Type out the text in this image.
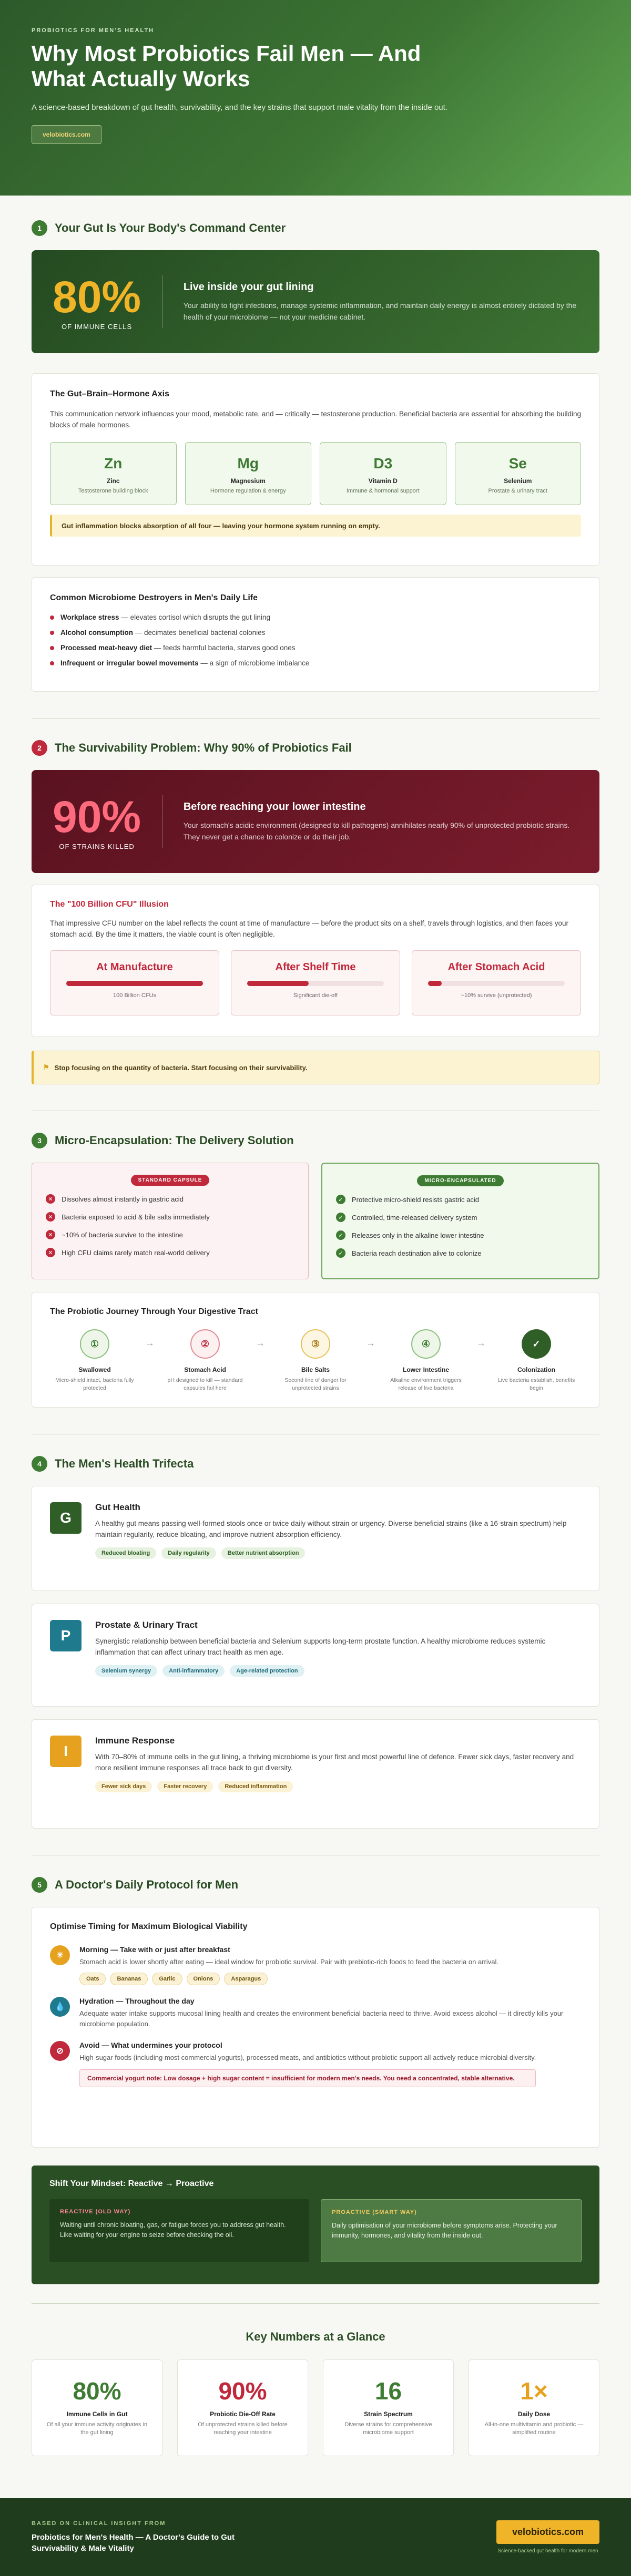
PROBIOTICS FOR MEN'S HEALTH
Why Most Probiotics Fail Men — And What Actually Works
A science-based breakdown of gut health, survivability, and the key strains that support male vitality from the inside out.
velobiotics.com
1	Your Gut Is Your Body's Command Center
80%
OF IMMUNE CELLS
Live inside your gut lining

Your ability to fight infections, manage systemic inflammation, and maintain daily energy is almost entirely dictated by the health of your microbiome — not your medicine cabinet.

The Gut–Brain–Hormone Axis

This communication network influences your mood, metabolic rate, and — critically — testosterone production. Beneficial bacteria are essential for absorbing the building blocks of male hormones.

Zn
Zinc
Testosterone building block
Mg
Magnesium
Hormone regulation & energy
D3
Vitamin D
Immune & hormonal support
Se
Selenium
Prostate & urinary tract
Gut inflammation blocks absorption of all four — leaving your hormone system running on empty.
Common Microbiome Destroyers in Men's Daily Life
Workplace stress — elevates cortisol which disrupts the gut lining
Alcohol consumption — decimates beneficial bacterial colonies
Processed meat-heavy diet — feeds harmful bacteria, starves good ones
Infrequent or irregular bowel movements — a sign of microbiome imbalance
2	The Survivability Problem: Why 90% of Probiotics Fail
90%
OF STRAINS KILLED
Before reaching your lower intestine

Your stomach's acidic environment (designed to kill pathogens) annihilates nearly 90% of unprotected probiotic strains. They never get a chance to colonize or do their job.

The "100 Billion CFU" Illusion

That impressive CFU number on the label reflects the count at time of manufacture — before the product sits on a shelf, travels through logistics, and then faces your stomach acid. By the time it matters, the viable count is often negligible.

At Manufacture
100 Billion CFUs
After Shelf Time
Significant die-off
After Stomach Acid
~10% survive (unprotected)
⚑ Stop focusing on the quantity of bacteria. Start focusing on their survivability.
3	Micro-Encapsulation: The Delivery Solution
STANDARD CAPSULE
✕	Dissolves almost instantly in gastric acid
✕	Bacteria exposed to acid & bile salts immediately
✕	~10% of bacteria survive to the intestine
✕	High CFU claims rarely match real-world delivery
MICRO-ENCAPSULATED
✓	Protective micro-shield resists gastric acid
✓	Controlled, time-released delivery system
✓	Releases only in the alkaline lower intestine
✓	Bacteria reach destination alive to colonize
The Probiotic Journey Through Your Digestive Tract
①
Swallowed
Micro-shield intact, bacteria fully protected
→	②
Stomach Acid
pH designed to kill — standard capsules fail here
→	③
Bile Salts
Second line of danger for unprotected strains
→	④
Lower Intestine
Alkaline environment triggers release of live bacteria
→	✓
Colonization
Live bacteria establish, benefits begin
4	The Men's Health Trifecta
G
Gut Health

A healthy gut means passing well-formed stools once or twice daily without strain or urgency. Diverse beneficial strains (like a 16-strain spectrum) help maintain regularity, reduce bloating, and improve nutrient absorption efficiency.

Reduced bloating	Daily regularity	Better nutrient absorption
P
Prostate & Urinary Tract

Synergistic relationship between beneficial bacteria and Selenium supports long-term prostate function. A healthy microbiome reduces systemic inflammation that can affect urinary tract health as men age.

Selenium synergy	Anti-inflammatory	Age-related protection
I
Immune Response

With 70–80% of immune cells in the gut lining, a thriving microbiome is your first and most powerful line of defence. Fewer sick days, faster recovery and more resilient immune responses all trace back to gut diversity.

Fewer sick days	Faster recovery	Reduced inflammation
5	A Doctor's Daily Protocol for Men
Optimise Timing for Maximum Biological Viability
☀
Morning — Take with or just after breakfast

Stomach acid is lower shortly after eating — ideal window for probiotic survival. Pair with prebiotic-rich foods to feed the bacteria on arrival.

Oats	Bananas	Garlic	Onions	Asparagus
💧
Hydration — Throughout the day

Adequate water intake supports mucosal lining health and creates the environment beneficial bacteria need to thrive. Avoid excess alcohol — it directly kills your microbiome population.

⊘
Avoid — What undermines your protocol

High-sugar foods (including most commercial yogurts), processed meats, and antibiotics without probiotic support all actively reduce microbial diversity.

Commercial yogurt note: Low dosage + high sugar content = insufficient for modern men's needs. You need a concentrated, stable alternative.
Shift Your Mindset: Reactive → Proactive
REACTIVE (OLD WAY)
Waiting until chronic bloating, gas, or fatigue forces you to address gut health. Like waiting for your engine to seize before checking the oil.
PROACTIVE (SMART WAY)
Daily optimisation of your microbiome before symptoms arise. Protecting your immunity, hormones, and vitality from the inside out.
Key Numbers at a Glance
80%
Immune Cells in Gut
Of all your immune activity originates in the gut lining
90%
Probiotic Die-Off Rate
Of unprotected strains killed before reaching your intestine
16
Strain Spectrum
Diverse strains for comprehensive microbiome support
1×
Daily Dose
All-in-one multivitamin and probiotic — simplified routine
BASED ON CLINICAL INSIGHT FROM
Probiotics for Men's Health — A Doctor's Guide to Gut Survivability & Male Vitality
velobiotics.com
Science-backed gut health for modern men
